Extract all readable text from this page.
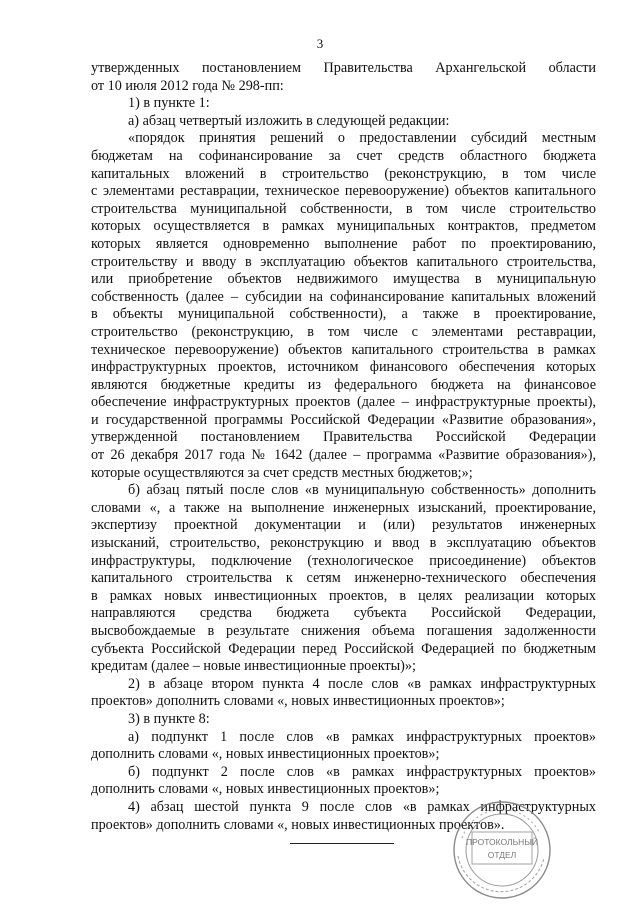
3
утвержденных постановлением Правительства Архангельской области
от 10 июля 2012 года № 298-пп:
1) в пункте 1:
а) абзац четвертый изложить в следующей редакции:
«порядок принятия решений о предоставлении субсидий местным
бюджетам на софинансирование за счет средств областного бюджета
капитальных вложений в строительство (реконструкцию, в том числе
с элементами реставрации, техническое перевооружение) объектов капитального
строительства муниципальной собственности, в том числе строительство
которых осуществляется в рамках муниципальных контрактов, предметом
которых является одновременно выполнение работ по проектированию,
строительству и вводу в эксплуатацию объектов капитального строительства,
или приобретение объектов недвижимого имущества в муниципальную
собственность (далее – субсидии на софинансирование капитальных вложений
в объекты муниципальной собственности), а также в проектирование,
строительство (реконструкцию, в том числе с элементами реставрации,
техническое перевооружение) объектов капитального строительства в рамках
инфраструктурных проектов, источником финансового обеспечения которых
являются бюджетные кредиты из федерального бюджета на финансовое
обеспечение инфраструктурных проектов (далее – инфраструктурные проекты),
и государственной программы Российской Федерации «Развитие образования»,
утвержденной постановлением Правительства Российской Федерации
от 26 декабря 2017 года № 1642 (далее – программа «Развитие образования»),
которые осуществляются за счет средств местных бюджетов;»;
б) абзац пятый после слов «в муниципальную собственность» дополнить
словами «, а также на выполнение инженерных изысканий, проектирование,
экспертизу проектной документации и (или) результатов инженерных
изысканий, строительство, реконструкцию и ввод в эксплуатацию объектов
инфраструктуры, подключение (технологическое присоединение) объектов
капитального строительства к сетям инженерно-технического обеспечения
в рамках новых инвестиционных проектов, в целях реализации которых
направляются средства бюджета субъекта Российской Федерации,
высвобождаемые в результате снижения объема погашения задолженности
субъекта Российской Федерации перед Российской Федерацией по бюджетным
кредитам (далее – новые инвестиционные проекты)»;
2) в абзаце втором пункта 4 после слов «в рамках инфраструктурных
проектов» дополнить словами «, новых инвестиционных проектов»;
3) в пункте 8:
а) подпункт 1 после слов «в рамках инфраструктурных проектов»
дополнить словами «, новых инвестиционных проектов»;
б) подпункт 2 после слов «в рамках инфраструктурных проектов»
дополнить словами «, новых инвестиционных проектов»;
4) абзац шестой пункта 9 после слов «в рамках инфраструктурных
проектов» дополнить словами «, новых инвестиционных проектов».
ПРОТОКОЛЬНЫЙ
ОТДЕЛ
